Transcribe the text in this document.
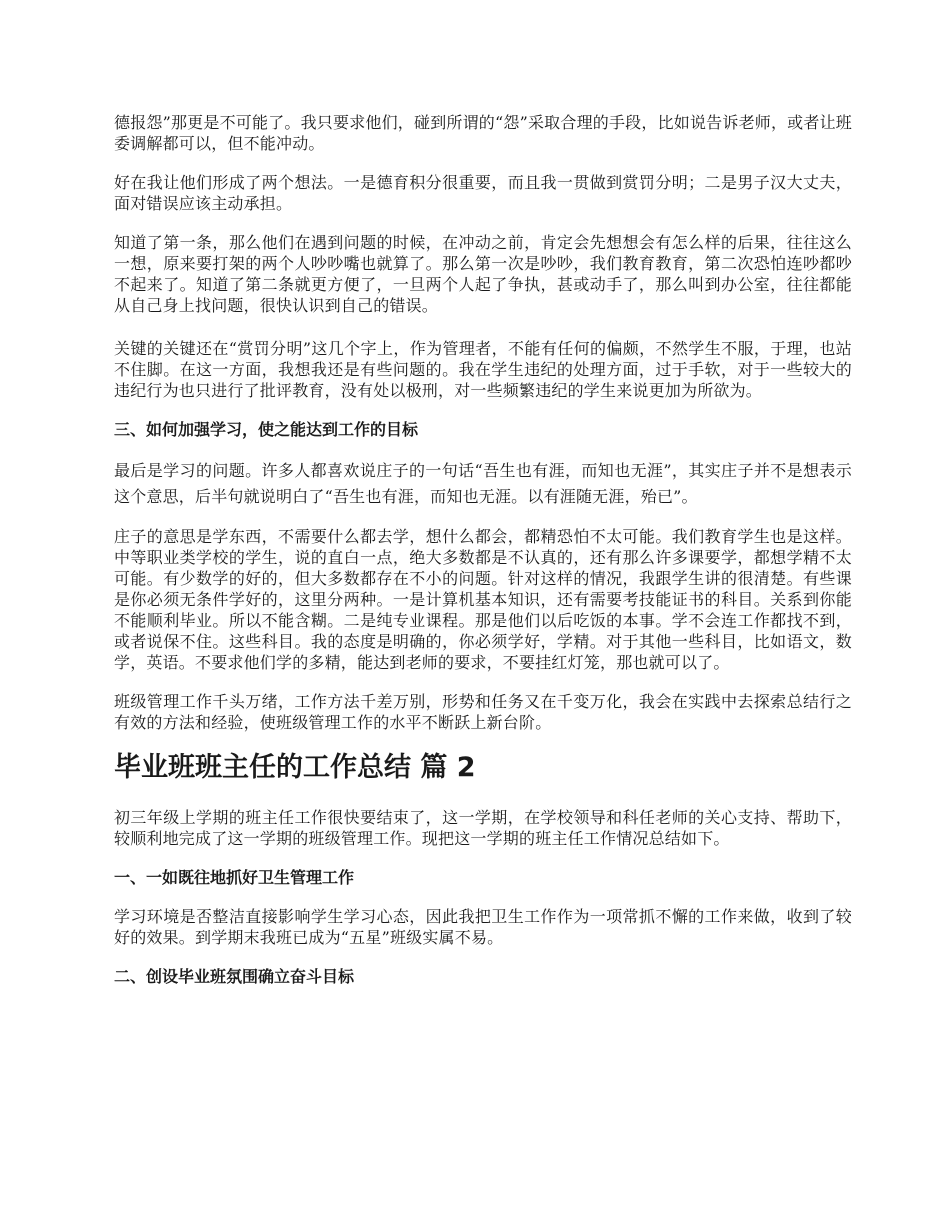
德报怨”那更是不可能了。我只要求他们，碰到所谓的“怨”采取合理的手段，比如说告诉老师，或者让班委调解都可以，但不能冲动。

好在我让他们形成了两个想法。一是德育积分很重要，而且我一贯做到赏罚分明；二是男子汉大丈夫，面对错误应该主动承担。

知道了第一条，那么他们在遇到问题的时候，在冲动之前，肯定会先想想会有怎么样的后果，往往这么一想，原来要打架的两个人吵吵嘴也就算了。那么第一次是吵吵，我们教育教育，第二次恐怕连吵都吵不起来了。知道了第二条就更方便了，一旦两个人起了争执，甚或动手了，那么叫到办公室，往往都能从自己身上找问题，很快认识到自己的错误。

关键的关键还在“赏罚分明”这几个字上，作为管理者，不能有任何的偏颇，不然学生不服，于理，也站不住脚。在这一方面，我想我还是有些问题的。我在学生违纪的处理方面，过于手软，对于一些较大的违纪行为也只进行了批评教育，没有处以极刑，对一些频繁违纪的学生来说更加为所欲为。

三、如何加强学习，使之能达到工作的目标

最后是学习的问题。许多人都喜欢说庄子的一句话“吾生也有涯，而知也无涯”，其实庄子并不是想表示这个意思，后半句就说明白了“吾生也有涯，而知也无涯。以有涯随无涯，殆已”。

庄子的意思是学东西，不需要什么都去学，想什么都会，都精恐怕不太可能。我们教育学生也是这样。中等职业类学校的学生，说的直白一点，绝大多数都是不认真的，还有那么许多课要学，都想学精不太可能。有少数学的好的，但大多数都存在不小的问题。针对这样的情况，我跟学生讲的很清楚。有些课是你必须无条件学好的，这里分两种。一是计算机基本知识，还有需要考技能证书的科目。关系到你能不能顺利毕业。所以不能含糊。二是纯专业课程。那是他们以后吃饭的本事。学不会连工作都找不到，或者说保不住。这些科目。我的态度是明确的，你必须学好，学精。对于其他一些科目，比如语文，数学，英语。不要求他们学的多精，能达到老师的要求，不要挂红灯笼，那也就可以了。

班级管理工作千头万绪，工作方法千差万别，形势和任务又在千变万化，我会在实践中去探索总结行之有效的方法和经验，使班级管理工作的水平不断跃上新台阶。

毕业班班主任的工作总结 篇 2

初三年级上学期的班主任工作很快要结束了，这一学期，在学校领导和科任老师的关心支持、帮助下，较顺利地完成了这一学期的班级管理工作。现把这一学期的班主任工作情况总结如下。

一、一如既往地抓好卫生管理工作

学习环境是否整洁直接影响学生学习心态，因此我把卫生工作作为一项常抓不懈的工作来做，收到了较好的效果。到学期末我班已成为“五星”班级实属不易。

二、创设毕业班氛围确立奋斗目标
